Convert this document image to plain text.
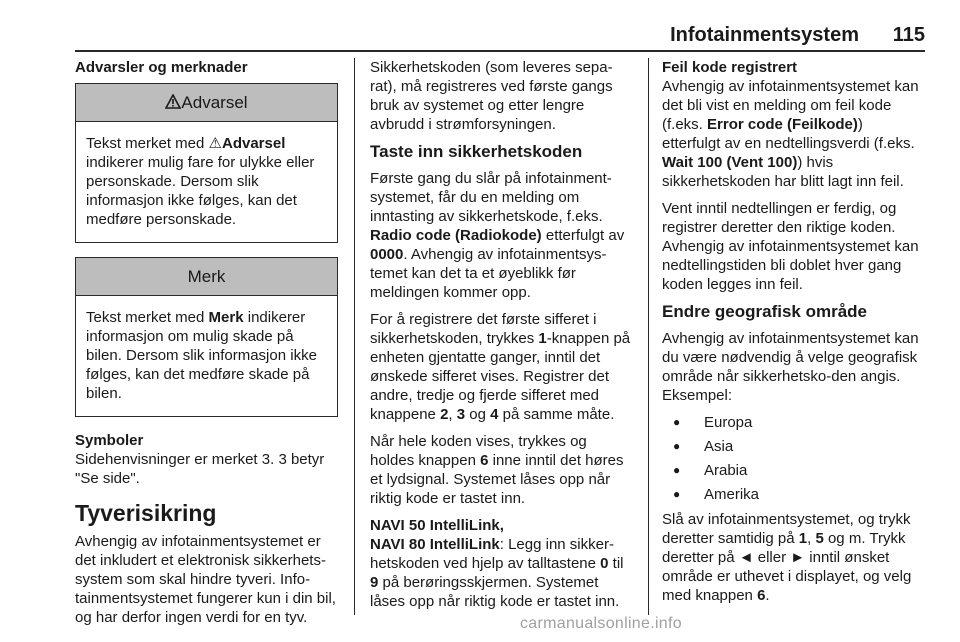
Infotainmentsystem 115

Advarsler og merknader

Advarsel
Tekst merket med ⚠Advarsel indikerer mulig fare for ulykke eller personskade. Dersom slik informasjon ikke følges, kan det medføre personskade.
Merk
Tekst merket med Merk indikerer informasjon om mulig skade på bilen. Dersom slik informasjon ikke følges, kan det medføre skade på bilen.

Symboler

Sidehenvisninger er merket 3. 3 betyr "Se side".

Tyverisikring

Avhengig av infotainmentsystemet er det inkludert et elektronisk sikkerhets-system som skal hindre tyveri. Info-tainmentsystemet fungerer kun i din bil, og har derfor ingen verdi for en tyv.

Sikkerhetskoden (som leveres sepa-rat), må registreres ved første gangs bruk av systemet og etter lengre avbrudd i strømforsyningen.

Taste inn sikkerhetskoden

Første gang du slår på infotainment-systemet, får du en melding om inntasting av sikkerhetskode, f.eks. Radio code (Radiokode) etterfulgt av 0000. Avhengig av infotainmentsys-temet kan det ta et øyeblikk før meldingen kommer opp.

For å registrere det første sifferet i sikkerhetskoden, trykkes 1-knappen på enheten gjentatte ganger, inntil det ønskede sifferet vises. Registrer det andre, tredje og fjerde sifferet med knappene 2, 3 og 4 på samme måte.

Når hele koden vises, trykkes og holdes knappen 6 inne inntil det høres et lydsignal. Systemet låses opp når riktig kode er tastet inn.

NAVI 50 IntelliLink,
NAVI 80 IntelliLink: Legg inn sikker-hetskoden ved hjelp av talltastene 0 til 9 på berøringsskjermen. Systemet låses opp når riktig kode er tastet inn.

Feil kode registrert

Avhengig av infotainmentsystemet kan det bli vist en melding om feil kode (f.eks. Error code (Feilkode)) etterfulgt av en nedtellingsverdi (f.eks. Wait 100 (Vent 100)) hvis sikkerhetskoden har blitt lagt inn feil.

Vent inntil nedtellingen er ferdig, og registrer deretter den riktige koden. Avhengig av infotainmentsystemet kan nedtellingstiden bli doblet hver gang koden legges inn feil.

Endre geografisk område

Avhengig av infotainmentsystemet kan du være nødvendig å velge geografisk område når sikkerhetsko-den angis. Eksempel:

● Europa
● Asia
● Arabia
● Amerika

Slå av infotainmentsystemet, og trykk deretter samtidig på 1, 5 og m. Trykk deretter på ◄ eller ► inntil ønsket område er uthevet i displayet, og velg med knappen 6.

carmanualsonline.info
